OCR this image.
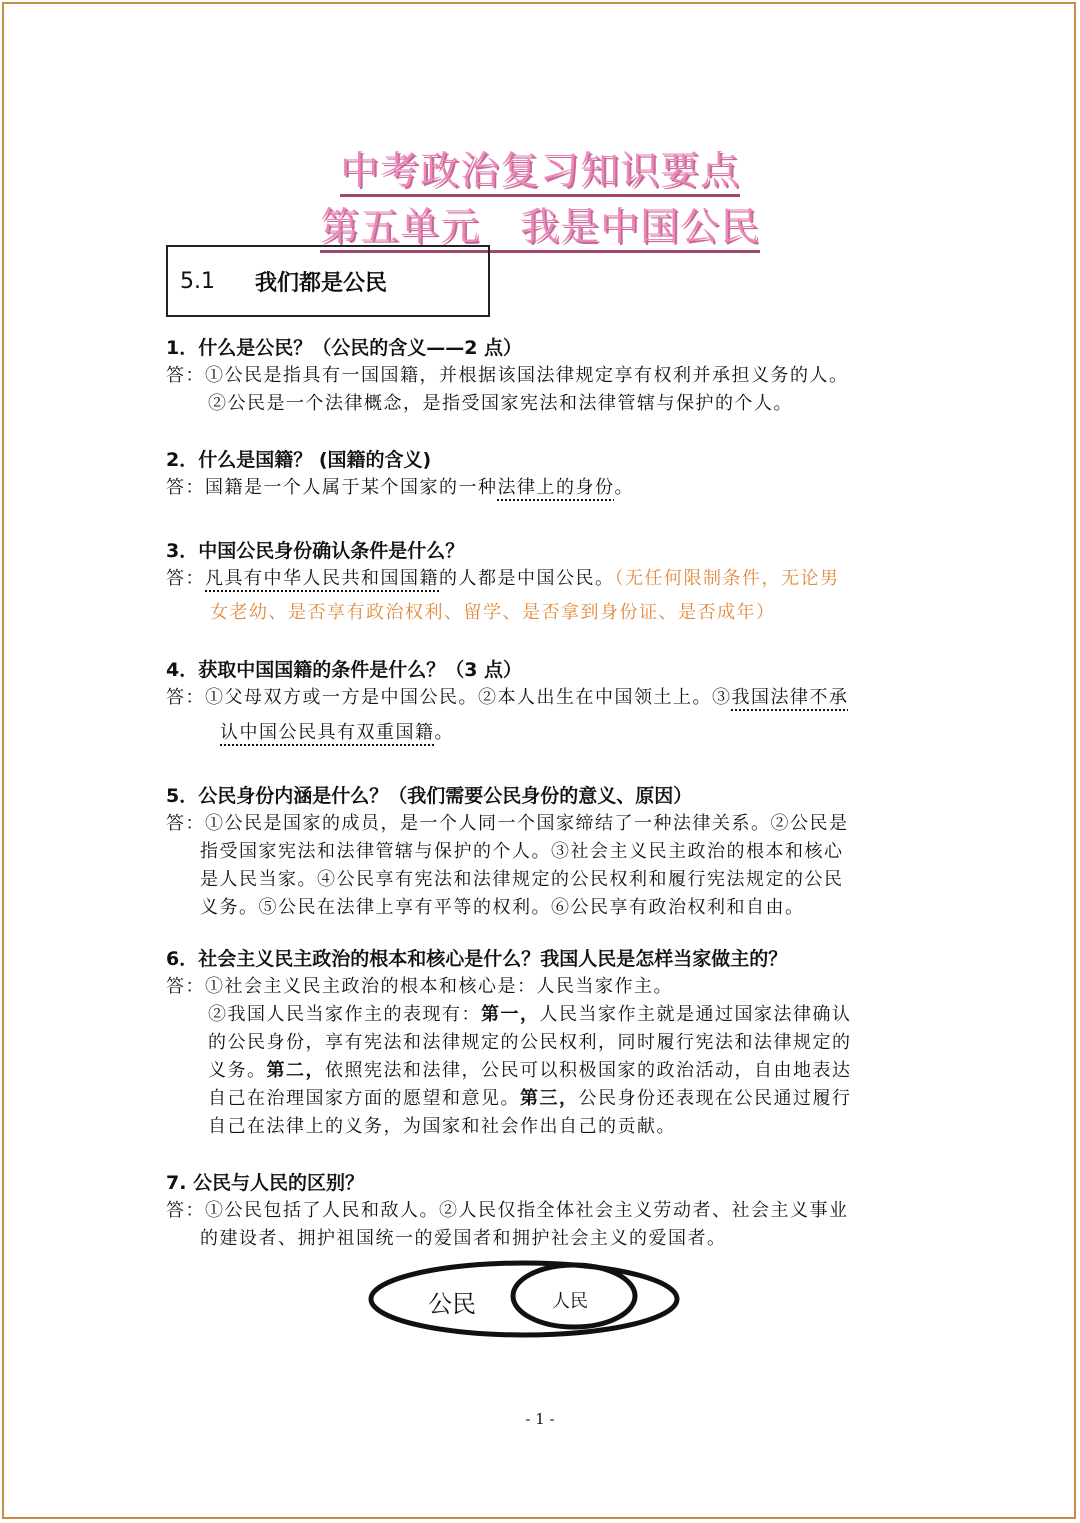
中考政治复习知识要点
第五单元　我是中国公民
5.1 我们都是公民
1．什么是公民？（公民的含义——2 点）
答：①公民是指具有一国国籍，并根据该国法律规定享有权利并承担义务的人。
②公民是一个法律概念，是指受国家宪法和法律管辖与保护的个人。
2．什么是国籍？ (国籍的含义)
答：国籍是一个人属于某个国家的一种法律上的身份。
3．中国公民身份确认条件是什么？
答：凡具有中华人民共和国国籍的人都是中国公民。（无任何限制条件，无论男
女老幼、是否享有政治权利、留学、是否拿到身份证、是否成年）
4．获取中国国籍的条件是什么？（3 点）
答：①父母双方或一方是中国公民。②本人出生在中国领土上。③我国法律不承
认中国公民具有双重国籍。
5．公民身份内涵是什么？（我们需要公民身份的意义、原因）
答：①公民是国家的成员，是一个人同一个国家缔结了一种法律关系。②公民是
指受国家宪法和法律管辖与保护的个人。③社会主义民主政治的根本和核心
是人民当家。④公民享有宪法和法律规定的公民权利和履行宪法规定的公民
义务。⑤公民在法律上享有平等的权利。⑥公民享有政治权利和自由。
6．社会主义民主政治的根本和核心是什么？我国人民是怎样当家做主的？
答：①社会主义民主政治的根本和核心是：人民当家作主。
②我国人民当家作主的表现有：第一，人民当家作主就是通过国家法律确认
的公民身份，享有宪法和法律规定的公民权利，同时履行宪法和法律规定的
义务。第二，依照宪法和法律，公民可以积极国家的政治活动，自由地表达
自己在治理国家方面的愿望和意见。第三，公民身份还表现在公民通过履行
自己在法律上的义务，为国家和社会作出自己的贡献。
7. 公民与人民的区别？
答：①公民包括了人民和敌人。②人民仅指全体社会主义劳动者、社会主义事业
的建设者、拥护祖国统一的爱国者和拥护社会主义的爱国者。
公民	人民
- 1 -
